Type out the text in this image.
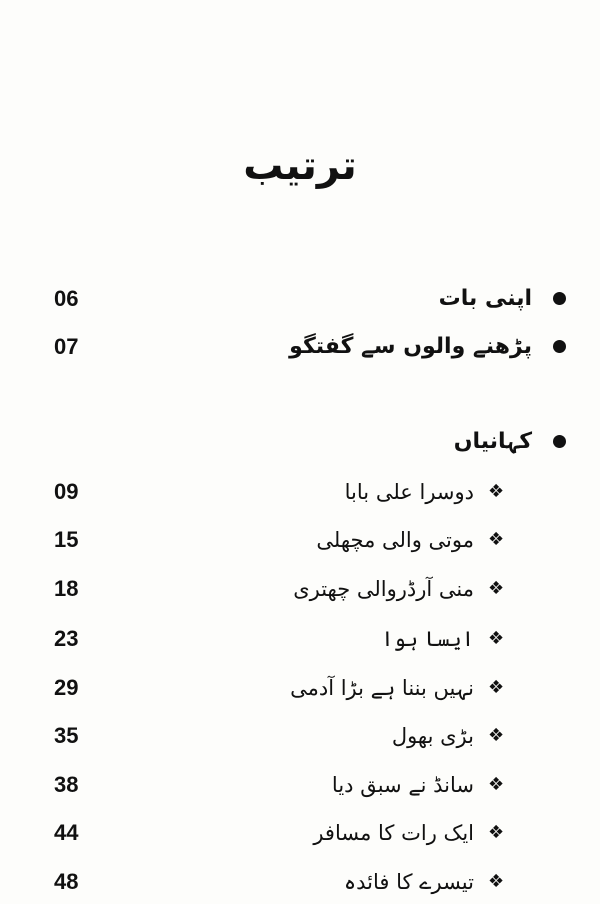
ترتیب
06	اپنی بات
07	پڑھنے والوں سے گفتگو
کہانیاں
09	دوسرا علی بابا ❖
15	موتی والی مچھلی ❖
18	منی آرڈروالی چھتری ❖
23	ایسا ہوا ❖
29	نہیں بننا ہے بڑا آدمی ❖
35	بڑی بھول ❖
38	سانڈ نے سبق دیا ❖
44	ایک رات کا مسافر ❖
48	تیسرے کا فائدہ ❖
